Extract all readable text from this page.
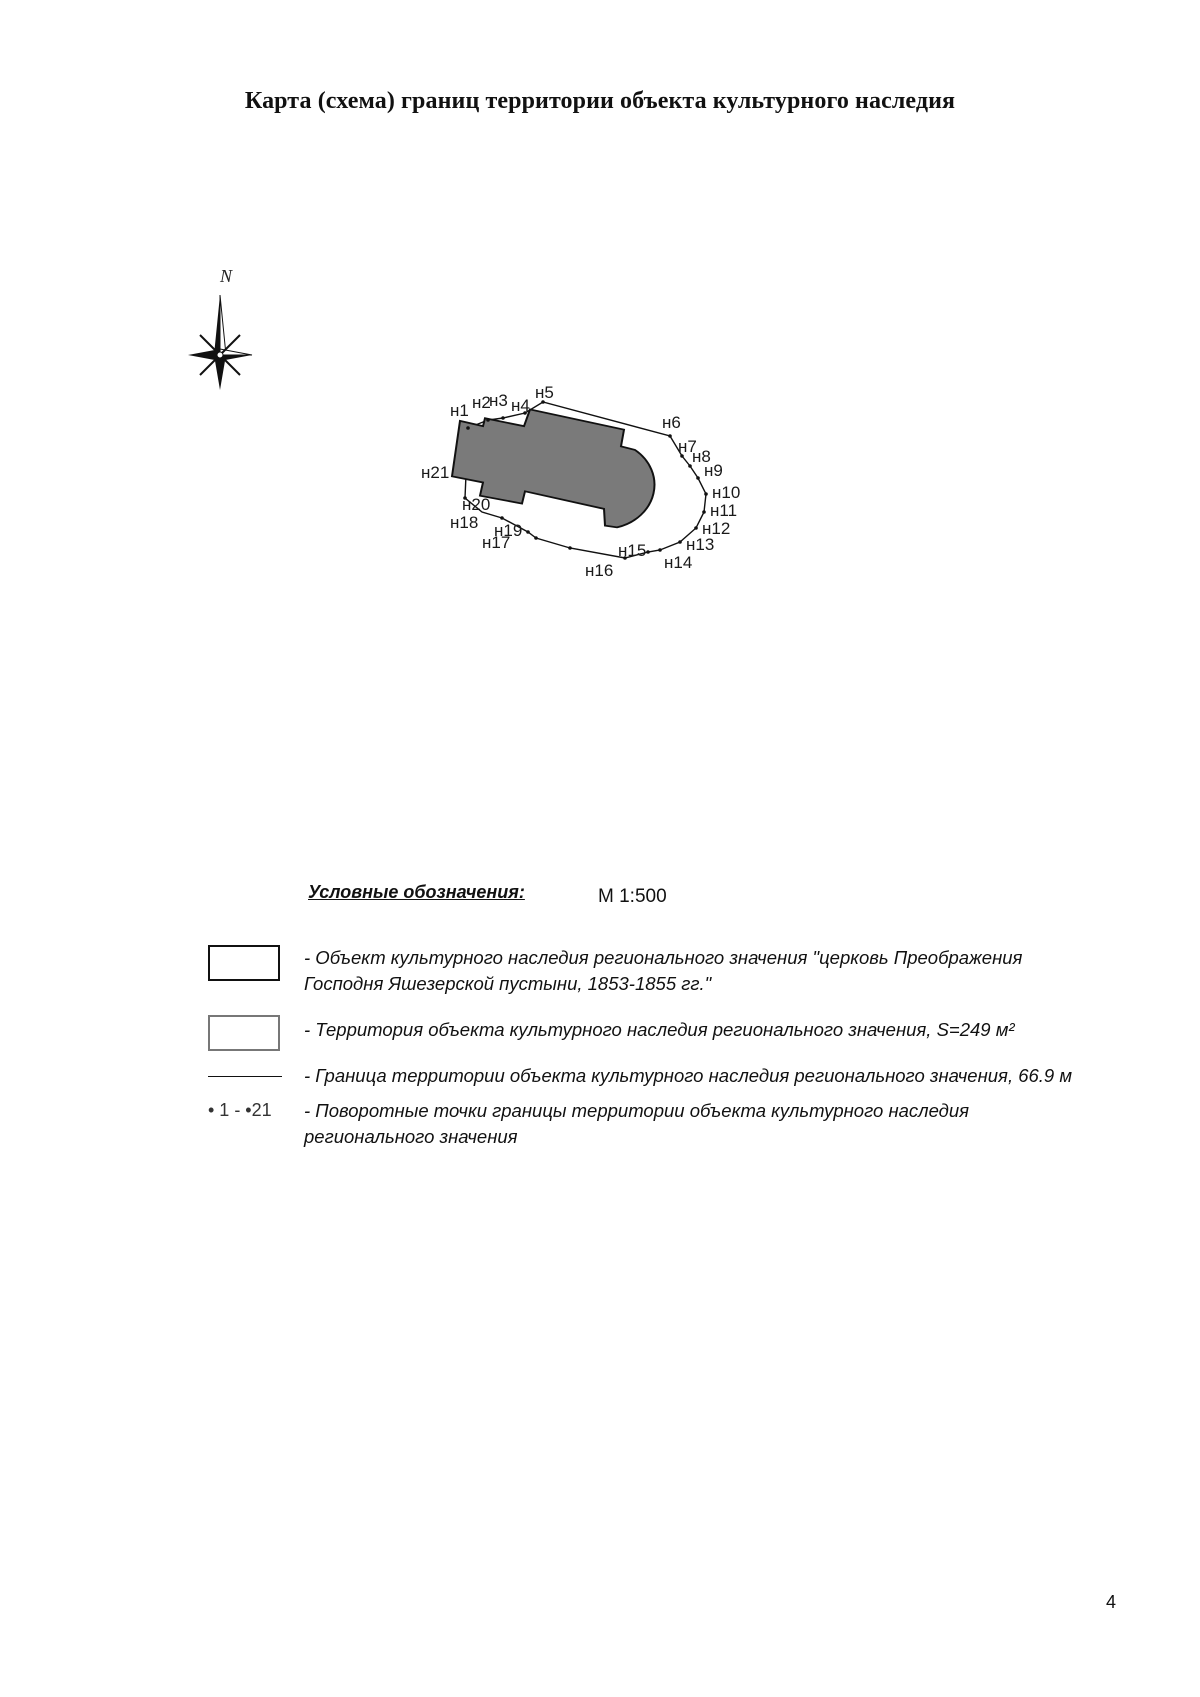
Карта (схема) границ территории объекта культурного наследия
N
н1 н2
н3 н4
н5
н6
н7
н8
н9
н10
н11
н12
н13
н14
н15
н16
н17
н18 н19
н20
н21
Условные обозначения:	М 1:500
- Объект культурного наследия регионального значения "церковь Преображения Господня Яшезерской пустыни, 1853-1855 гг."
- Территория объекта культурного наследия регионального значения, S=249 м²
- Граница территории объекта культурного наследия регионального значения, 66.9 м
• 1 - •21 - Поворотные точки границы территории объекта культурного наследия регионального значения
4
